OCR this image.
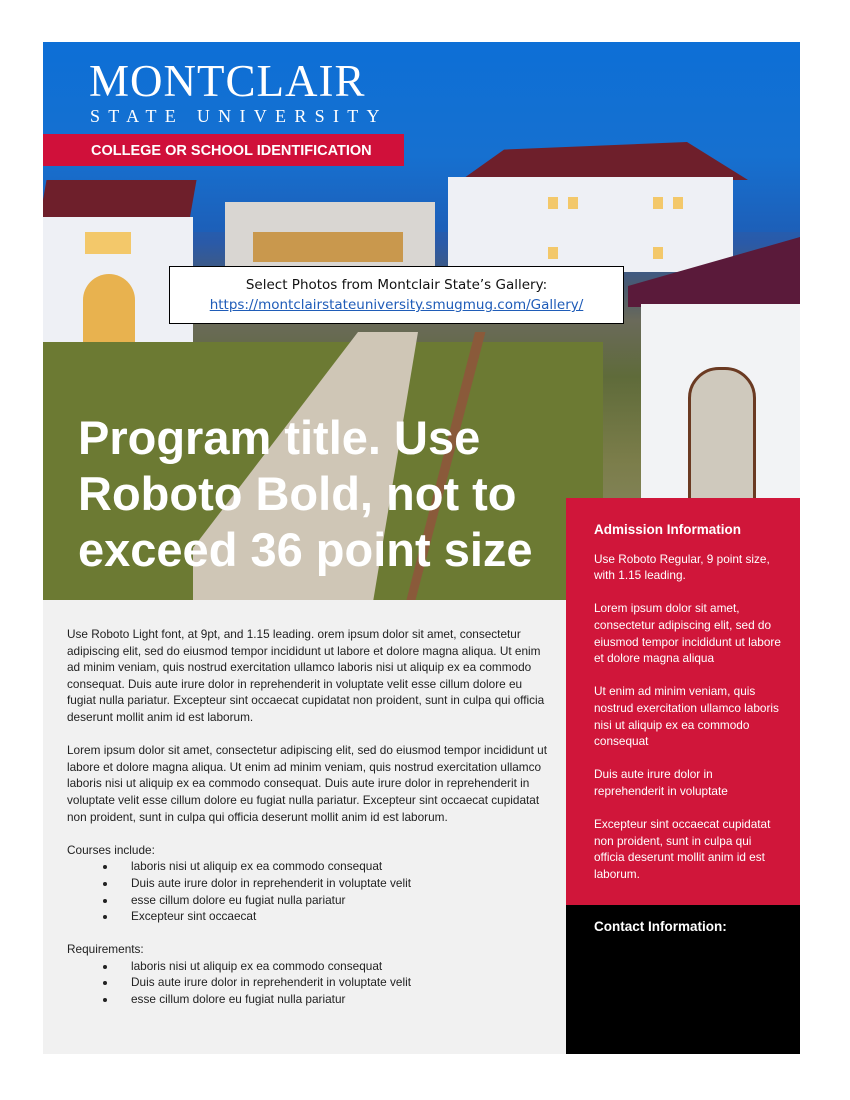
MONTCLAIR
STATE UNIVERSITY
COLLEGE OR SCHOOL IDENTIFICATION
Select Photos from Montclair State’s Gallery:
https://montclairstateuniversity.smugmug.com/Gallery/
Program title. Use Roboto Bold, not to exceed 36 point size

Use Roboto Light font, at 9pt, and 1.15 leading. orem ipsum dolor sit amet, consectetur adipiscing elit, sed do eiusmod tempor incididunt ut labore et dolore magna aliqua. Ut enim ad minim veniam, quis nostrud exercitation ullamco laboris nisi ut aliquip ex ea commodo consequat. Duis aute irure dolor in reprehenderit in voluptate velit esse cillum dolore eu fugiat nulla pariatur. Excepteur sint occaecat cupidatat non proident, sunt in culpa qui officia deserunt mollit anim id est laborum.

Lorem ipsum dolor sit amet, consectetur adipiscing elit, sed do eiusmod tempor incididunt ut labore et dolore magna aliqua. Ut enim ad minim veniam, quis nostrud exercitation ullamco laboris nisi ut aliquip ex ea commodo consequat. Duis aute irure dolor in reprehenderit in voluptate velit esse cillum dolore eu fugiat nulla pariatur. Excepteur sint occaecat cupidatat non proident, sunt in culpa qui officia deserunt mollit anim id est laborum.

Courses include:

• laboris nisi ut aliquip ex ea commodo consequat
• Duis aute irure dolor in reprehenderit in voluptate velit
• esse cillum dolore eu fugiat nulla pariatur
• Excepteur sint occaecat

Requirements:

• laboris nisi ut aliquip ex ea commodo consequat
• Duis aute irure dolor in reprehenderit in voluptate velit
• esse cillum dolore eu fugiat nulla pariatur
Admission Information

Use Roboto Regular, 9 point size, with 1.15 leading.

Lorem ipsum dolor sit amet, consectetur adipiscing elit, sed do eiusmod tempor incididunt ut labore et dolore magna aliqua

Ut enim ad minim veniam, quis nostrud exercitation ullamco laboris nisi ut aliquip ex ea commodo consequat

Duis aute irure dolor in reprehenderit in voluptate

Excepteur sint occaecat cupidatat non proident, sunt in culpa qui officia deserunt mollit anim id est laborum.

Contact Information:
